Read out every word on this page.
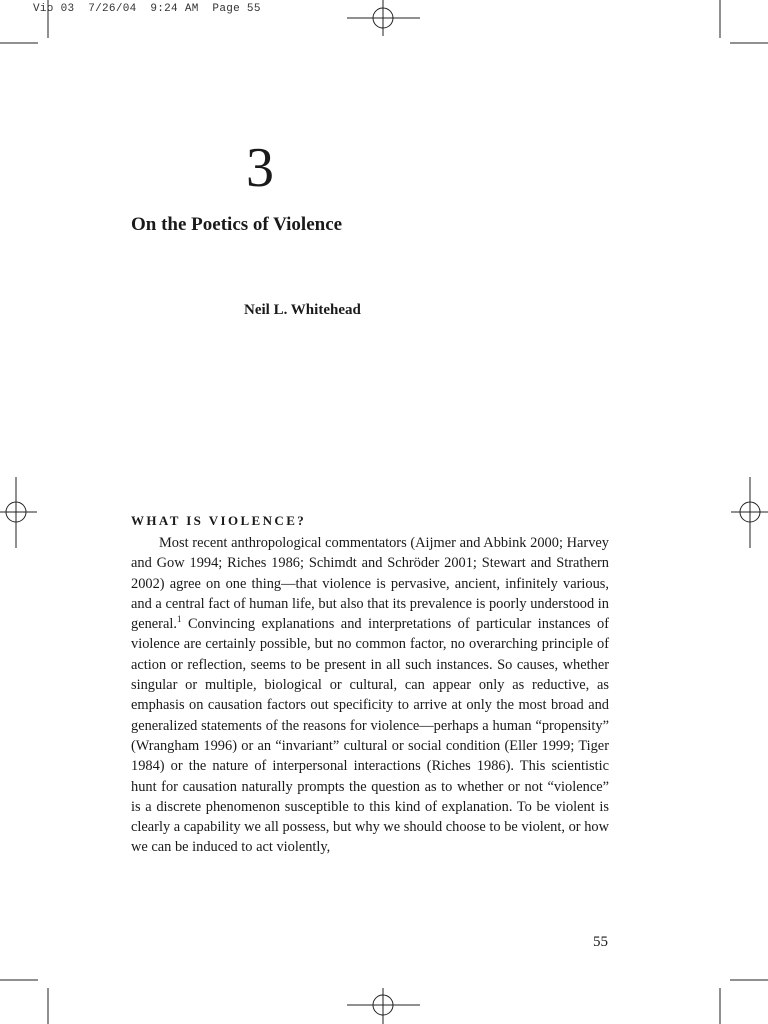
Vio 03  7/26/04  9:24 AM  Page 55
3
On the Poetics of Violence

Neil L. Whitehead

WHAT IS VIOLENCE?

Most recent anthropological commentators (Aijmer and Abbink 2000; Harvey and Gow 1994; Riches 1986; Schimdt and Schröder 2001; Stewart and Strathern 2002) agree on one thing—that violence is pervasive, ancient, infinitely various, and a central fact of human life, but also that its prevalence is poorly understood in general.$^1$ Convincing explanations and interpretations of particular instances of violence are certainly possible, but no common factor, no overarching principle of action or reflection, seems to be present in all such instances. So causes, whether singular or multiple, biological or cultural, can appear only as reductive, as emphasis on causation factors out specificity to arrive at only the most broad and generalized statements of the reasons for violence—perhaps a human “propensity” (Wrangham 1996) or an “invariant” cultural or social condition (Eller 1999; Tiger 1984) or the nature of interpersonal interactions (Riches 1986). This scientistic hunt for causation naturally prompts the question as to whether or not “violence” is a discrete phenomenon susceptible to this kind of explanation. To be violent is clearly a capability we all possess, but why we should choose to be violent, or how we can be induced to act violently,

55
